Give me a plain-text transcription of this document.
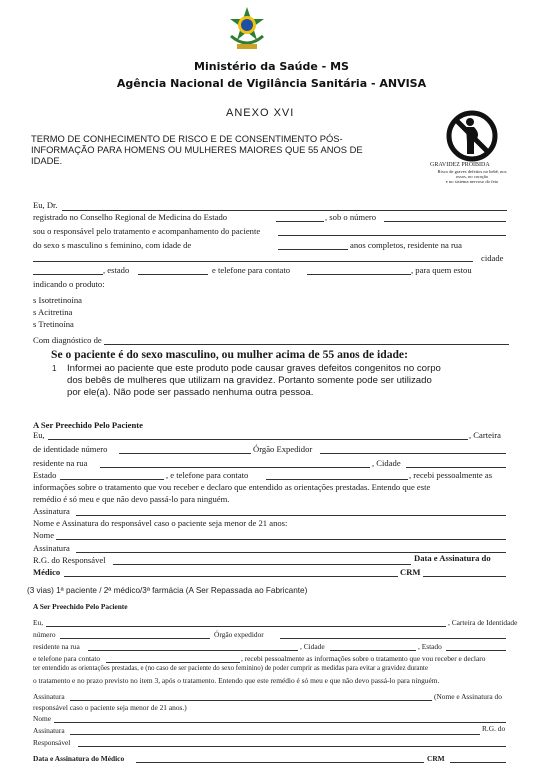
Ministério da Saúde - MS
Agência Nacional de Vigilância Sanitária - ANVISA
ANEXO XVI
TERMO DE CONHECIMENTO DE RISCO E DE CONSENTIMENTO PÓS-
INFORMAÇÃO PARA HOMENS OU MULHERES MAIORES QUE 55 ANOS DE
IDADE.	GRAVIDEZ PROIBIDA
Risco de graves defeitos no bebê, nos
ossos, no coração
e no sistema nervoso do feto
Eu, Dr.
registrado no Conselho Regional de Medicina do Estado	, sob o número
sou o responsável pelo tratamento e acompanhamento do paciente
do sexo s masculino s feminino, com idade de	anos completos, residente na rua
cidade
, estado	e telefone para contato	, para quem estou
indicando o produto:
s Isotretinoína
s Acitretina
s Tretinoína
Com diagnóstico de
Se o paciente é do sexo masculino, ou mulher acima de 55 anos de idade:
1 Informei ao paciente que este produto pode causar graves defeitos congenitos no corpo
dos bebês de mulheres que utilizam na gravidez. Portanto somente pode ser utilizado
por ele(a). Não pode ser passado nenhuma outra pessoa.
A Ser Preechido Pelo Paciente
Eu,	, Carteira
de identidade número	Órgão Expedidor
residente na rua	, Cidade
Estado	, e telefone para contato	, recebi pessoalmente as
informações sobre o tratamento que vou receber e declaro que entendido as orientações prestadas. Entendo que este
remédio é só meu e que não devo passá-lo para ninguém.
Assinatura
Nome e Assinatura do responsável caso o paciente seja menor de 21 anos:
Nome
Assinatura
R.G. do Responsável	Data e Assinatura do
Médico	CRM
(3 vias) 1ª paciente / 2ª médico/3ª farmácia (A Ser Repassada ao Fabricante)
A Ser Preechido Pelo Paciente
Eu,	, Carteira de Identidade
número	Órgão expedidor
residente na rua	, Cidade	, Estado
e telefone para contato	, recebi pessoalmente as informações sobre o tratamento que vou receber e declaro
ter entendido as orientações prestadas, e (no caso de ser paciente do sexo feminino) de poder cumprir as medidas para evitar a gravidez durante
o tratamento e no prazo previsto no item 3, após o tratamento. Entendo que este remédio é só meu e que não devo passá-lo para ninguém.
Assinatura	(Nome e Assinatura do
responsável caso o paciente seja menor de 21 anos.)
Nome
Assinatura	R.G. do
Responsável
Data e Assinatura do Médico	CRM
